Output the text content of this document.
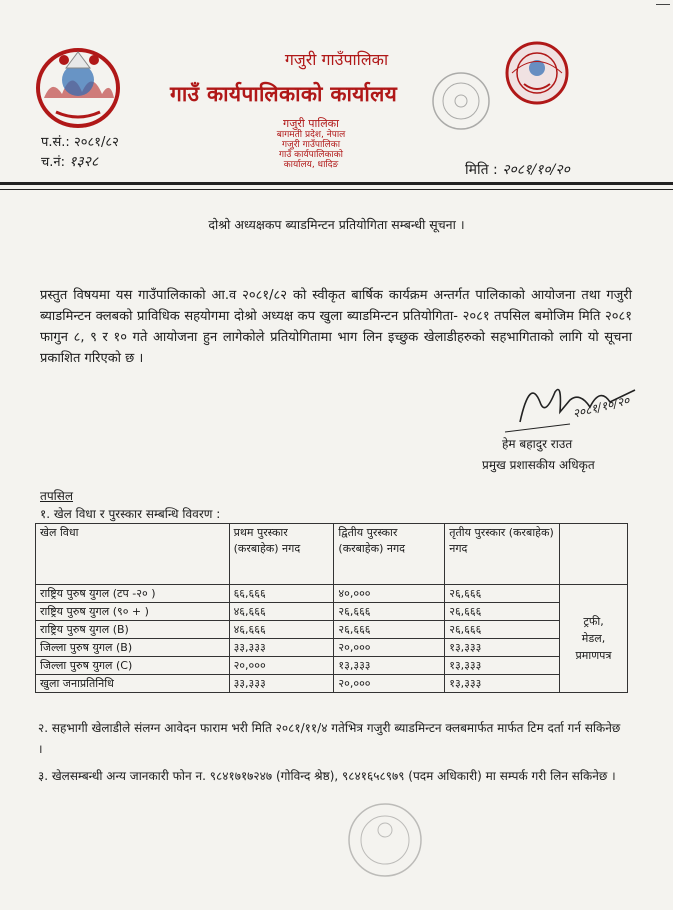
गजुरी गाउँपालिका
गाउँ कार्यपालिकाको कार्यालय
गजुरी पालिका
बागमती प्रदेश, नेपाल
गजुरी गाउँपालिका
गाउँ कार्यपालिकाको
कार्यालय, धादिङ
प.सं.: २०८१/८२
च.नं: १३२८	मिति : २०८१/१०/२०
दोश्रो अध्यक्षकप ब्याडमिन्टन प्रतियोगिता सम्बन्धी सूचना ।
प्रस्तुत विषयमा यस गाउँपालिकाको आ.व २०८१/८२ को स्वीकृत बार्षिक कार्यक्रम अन्तर्गत पालिकाको आयोजना तथा गजुरी ब्याडमिन्टन क्लबको प्राविधिक सहयोगमा दोश्रो अध्यक्ष कप खुला ब्याडमिन्टन प्रतियोगिता- २०८१ तपसिल बमोजिम मिति २०८१ फागुन ८, ९ र १० गते आयोजना हुन लागेकोले प्रतियोगितामा भाग लिन इच्छुक खेलाडीहरुको सहभागिताको लागि यो सूचना प्रकाशित गरिएको छ ।
२०८१/१०/२०
हेम बहादुर राउत
प्रमुख प्रशासकीय अधिकृत
तपसिल
१. खेल विधा र पुरस्कार सम्बन्धि विवरण :
खेल विधा	प्रथम पुरस्कार (करबाहेक) नगद	द्वितीय पुरस्कार (करबाहेक) नगद	तृतीय पुरस्कार (करबाहेक) नगद	
राष्ट्रिय पुरुष युगल (टप -२० )	६६,६६६	४०,०००	२६,६६६	ट्रफी,
मेडल,
प्रमाणपत्र

राष्ट्रिय पुरुष युगल (९० + )	४६,६६६	२६,६६६	२६,६६६	
राष्ट्रिय पुरुष युगल (B)	४६,६६६	२६,६६६	२६,६६६	
जिल्ला पुरुष युगल (B)	३३,३३३	२०,०००	१३,३३३	
जिल्ला पुरुष युगल (C)	२०,०००	१३,३३३	१३,३३३	
खुला जनाप्रतिनिधि	३३,३३३	२०,०००	१३,३३३	
२. सहभागी खेलाडीले संलग्न आवेदन फाराम भरी मिति २०८१/११/४ गतेभित्र गजुरी ब्याडमिन्टन क्लबमार्फत मार्फत टिम दर्ता गर्न सकिनेछ ।
३. खेलसम्बन्धी अन्य जानकारी फोन न. ९८४१७१७२४७ (गोविन्द श्रेष्ठ), ९८४१६५८९७९ (पदम अधिकारी) मा सम्पर्क गरी लिन सकिनेछ ।
